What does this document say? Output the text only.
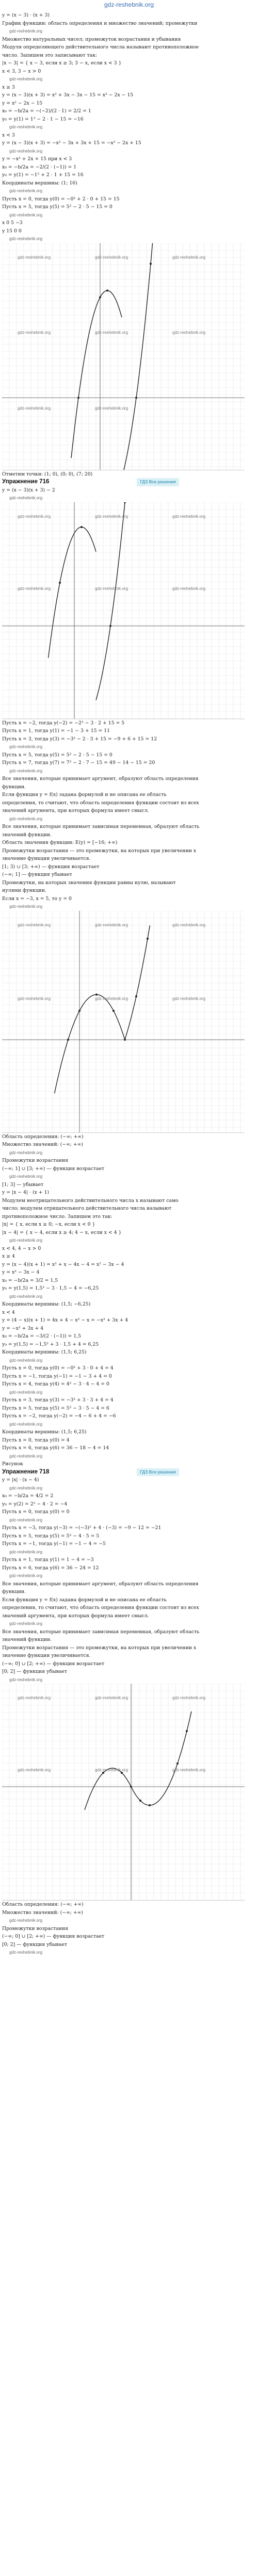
gdz-reshebnik.org
y = (x − 3) · (x + 3)
График функции: область определения и множество значений; промежутки
gdz-reshebnik.org
Множество натуральных чисел; промежуток возрастания и убывания
Модуля определяющего действительного числа называют противоположное
число. Запишем это записывают так:
|x − 3| = { x − 3, если x ≥ 3; 3 − x, если x < 3 }
x < 3, 3 − x > 0
gdz-reshebnik.org
x ≥ 3
y = (x − 3)(x + 3) = x² + 3x − 3x − 15 = x² − 2x − 15
y = x² − 2x − 15
x₀ = −b/2a = −(−2)/(2 · 1) = 2/2 = 1
y₀ = y(1) = 1² − 2 · 1 − 15 = −16
gdz-reshebnik.org
x < 3
y = (x − 3)(x + 3) = −x² − 3x + 3x + 15 = −x² − 2x + 15
gdz-reshebnik.org
y = −x² + 2x + 15 при x < 3
x₀ = −b/2a = −2/(2 · (−1)) = 1
y₀ = y(1) = −1² + 2 · 1 + 15 = 16
Координаты вершины: (1; 16)
gdz-reshebnik.org
Пусть x = 0, тогда y(0) = −0² + 2 · 0 + 15 = 15
Пусть x = 5, тогда y(5) = 5² − 2 · 5 − 15 = 0
gdz-reshebnik.org
x 0 5 −3
y 15 0 0
gdz-reshebnik.org
gdz-reshebnik.org	gdz-reshebnik.org	gdz-reshebnik.org
gdz-reshebnik.org	gdz-reshebnik.org	gdz-reshebnik.org
gdz-reshebnik.org	gdz-reshebnik.org
Отметим точки: (1; 0), (0; 0), (7; 20)
Упражнение 716	ГДЗ Все решения
y = (x − 3)(x + 3) − 2
gdz-reshebnik.org
gdz-reshebnik.org	gdz-reshebnik.org	gdz-reshebnik.org
gdz-reshebnik.org	gdz-reshebnik.org	gdz-reshebnik.org
Пусть x = −2, тогда y(−2) = −2² − 3 · 2 + 15 = 5
Пусть x = 1, тогда y(1) = −1 − 3 + 15 = 11
Пусть x = 3, тогда y(3) = −3² − 2 · 3 + 15 = −9 + 6 + 15 = 12
gdz-reshebnik.org
Пусть x = 5, тогда y(5) = 5² − 2 · 5 − 15 = 0
Пусть x = 7, тогда y(7) = 7² − 2 · 7 − 15 = 49 − 14 − 15 = 20
gdz-reshebnik.org
Все значения, которые принимает аргумент, образуют область определения
функции.
Если функция y = f(x) задана формулой и не описана ее область
определения, то считают, что область определения функции состоит из всех
значений аргумента, при которых формула имеет смысл.
gdz-reshebnik.org
Все значения, которые принимает зависимая переменная, образуют область
значений функции.
Область значения функции: E(y) = [−16; +∞)
Промежутки возрастания — это промежутки, на которых при увеличении x
значение функции увеличивается.
[1; 3) ∪ [3; +∞) — функция возрастает
(−∞; 1] — функция убывает
Промежутки, на которых значения функции равны нулю, называют
нулями функции.
Если x = −3, x = 5, то y = 0
gdz-reshebnik.org
gdz-reshebnik.org	gdz-reshebnik.org	gdz-reshebnik.org
gdz-reshebnik.org	gdz-reshebnik.org	gdz-reshebnik.org
Область определения: (−∞; +∞)
Множество значений: (−∞; +∞)
gdz-reshebnik.org
Промежутки возрастания
(−∞; 1] ∪ [3; +∞) — функция возрастает
gdz-reshebnik.org
[1; 3] — убывает
y = |x − 4| · (x + 1)
Модулем неотрицательного действительного числа x называют само
число; модулем отрицательного действительного числа называют
противоположное число. Запишем это так:
|x| = { x, если x ≥ 0; −x, если x < 0 }
|x − 4| = { x − 4, если x ≥ 4; 4 − x, если x < 4 }
gdz-reshebnik.org
x < 4, 4 − x > 0
x ≥ 4
y = (x − 4)(x + 1) = x² + x − 4x − 4 = x² − 3x − 4
y = x² − 3x − 4
x₀ = −b/2a = 3/2 = 1,5
y₀ = y(1,5) = 1,5² − 3 · 1,5 − 4 = −6,25
gdz-reshebnik.org
Координаты вершины: (1,5; −6,25)
x < 4
y = (4 − x)(x + 1) = 4x + 4 − x² − x = −x² + 3x + 4
y = −x² + 3x + 4
x₀ = −b/2a = −3/(2 · (−1)) = 1,5
y₀ = y(1,5) = −1,5² + 3 · 1,5 + 4 = 6,25
Координаты вершины: (1,5; 6,25)
gdz-reshebnik.org
Пусть x = 0, тогда y(0) = −0² + 3 · 0 + 4 = 4
Пусть x = −1, тогда y(−1) = −1 − 3 + 4 = 0
Пусть x = 4, тогда y(4) = 4² − 3 · 4 − 4 = 0
gdz-reshebnik.org
Пусть x = 3, тогда y(3) = −3² + 3 · 3 + 4 = 4
Пусть x = 5, тогда y(5) = 5² − 3 · 5 − 4 = 6
Пусть x = −2, тогда y(−2) = −4 − 6 + 4 = −6
gdz-reshebnik.org
Координаты вершины: (1,5; 6,25)
Пусть x = 0, тогда y(0) = 4
Пусть x = 6, тогда y(6) = 36 − 18 − 4 = 14
gdz-reshebnik.org
Рисунок
Упражнение 718	ГДЗ Все решения
y = |x| · (x − 4)
gdz-reshebnik.org
x₀ = −b/2a = 4/2 = 2
y₀ = y(2) = 2² − 4 · 2 = −4
Пусть x = 0, тогда y(0) = 0
gdz-reshebnik.org
Пусть x = −3, тогда y(−3) = −(−3)² + 4 · (−3) = −9 − 12 = −21
Пусть x = 5, тогда y(5) = 5² − 4 · 5 = 5
Пусть x = −1, тогда y(−1) = −1 − 4 = −5
gdz-reshebnik.org
Пусть x = 1, тогда y(1) = 1 − 4 = −3
Пусть x = 6, тогда y(6) = 36 − 24 = 12
gdz-reshebnik.org
Все значения, которые принимает аргумент, образуют область определения
функции.
Если функция y = f(x) задана формулой и не описана ее область
определения, то считают, что область определения функции состоит из всех
значений аргумента, при которых формула имеет смысл.
gdz-reshebnik.org
Все значения, которые принимает зависимая переменная, образуют область
значений функции.
Промежутки возрастания — это промежутки, на которых при увеличении x
значение функции увеличивается.
(−∞; 0] ∪ [2; +∞) — функция возрастает
[0; 2] — функция убывает
gdz-reshebnik.org
gdz-reshebnik.org	gdz-reshebnik.org	gdz-reshebnik.org
gdz-reshebnik.org	gdz-reshebnik.org	gdz-reshebnik.org
Область определения: (−∞; +∞)
Множество значений: (−∞; +∞)
gdz-reshebnik.org
Промежутки возрастания
(−∞; 0] ∪ [2; +∞) — функция возрастает
[0; 2] — функция убывает
gdz-reshebnik.org
